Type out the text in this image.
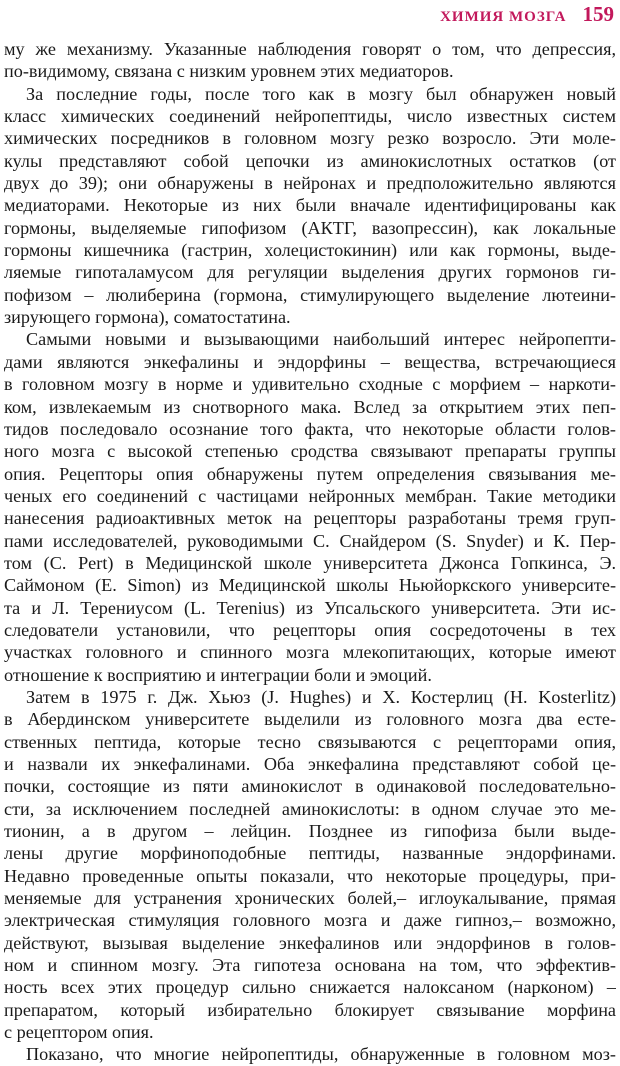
ХИМИЯ МОЗГА 159
му же механизму. Указанные наблюдения говорят о том, что депрессия,
по-видимому, связана с низким уровнем этих медиаторов.
За последние годы, после того как в мозгу был обнаружен новый
класс химических соединений нейропептиды, число известных систем
химических посредников в головном мозгу резко возросло. Эти моле-
кулы представляют собой цепочки из аминокислотных остатков (от
двух до 39); они обнаружены в нейронах и предположительно являются
медиаторами. Некоторые из них были вначале идентифицированы как
гормоны, выделяемые гипофизом (АКТГ, вазопрессин), как локальные
гормоны кишечника (гастрин, холецистокинин) или как гормоны, выде-
ляемые гипоталамусом для регуляции выделения других гормонов ги-
пофизом – люлиберина (гормона, стимулирующего выделение лютеини-
зирующего гормона), соматостатина.
Самыми новыми и вызывающими наибольший интерес нейропепти-
дами являются энкефалины и эндорфины – вещества, встречающиеся
в головном мозгу в норме и удивительно сходные с морфием – наркоти-
ком, извлекаемым из снотворного мака. Вслед за открытием этих пеп-
тидов последовало осознание того факта, что некоторые области голов-
ного мозга с высокой степенью сродства связывают препараты группы
опия. Рецепторы опия обнаружены путем определения связывания ме-
ченых его соединений с частицами нейронных мембран. Такие методики
нанесения радиоактивных меток на рецепторы разработаны тремя груп-
пами исследователей, руководимыми С. Снайдером (S. Snyder) и К. Пер-
том (С. Pert) в Медицинской школе университета Джонса Гопкинса, Э.
Саймоном (Е. Simon) из Медицинской школы Ньюйоркского университе-
та и Л. Терениусом (L. Terenius) из Упсальского университета. Эти ис-
следователи установили, что рецепторы опия сосредоточены в тех
участках головного и спинного мозга млекопитающих, которые имеют
отношение к восприятию и интеграции боли и эмоций.
Затем в 1975 г. Дж. Хьюз (J. Hughes) и X. Костерлиц (Н. Kosterlitz)
в Абердинском университете выделили из головного мозга два есте-
ственных пептида, которые тесно связываются с рецепторами опия,
и назвали их энкефалинами. Оба энкефалина представляют собой це-
почки, состоящие из пяти аминокислот в одинаковой последовательно-
сти, за исключением последней аминокислоты: в одном случае это ме-
тионин, а в другом – лейцин. Позднее из гипофиза были выде-
лены другие морфиноподобные пептиды, названные эндорфинами.
Недавно проведенные опыты показали, что некоторые процедуры, при-
меняемые для устранения хронических болей,– иглоукалывание, прямая
электрическая стимуляция головного мозга и даже гипноз,– возможно,
действуют, вызывая выделение энкефалинов или эндорфинов в голов-
ном и спинном мозгу. Эта гипотеза основана на том, что эффектив-
ность всех этих процедур сильно снижается налоксаном (нарконом) –
препаратом, который избирательно блокирует связывание морфина
с рецептором опия.
Показано, что многие нейропептиды, обнаруженные в головном моз-
